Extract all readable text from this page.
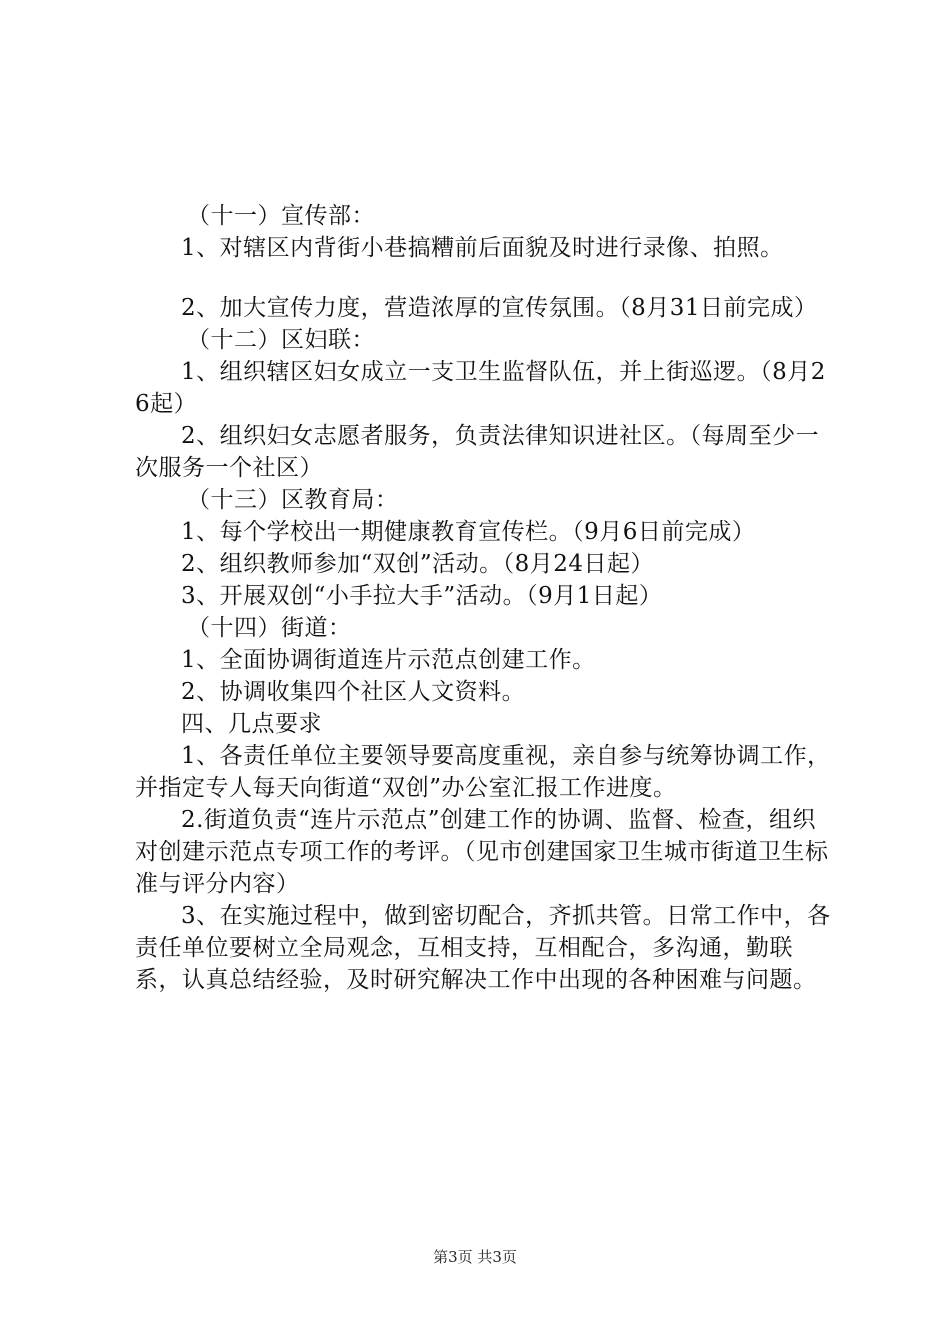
（十一）宣传部：

1、对辖区内背街小巷搞糟前后面貌及时进行录像、拍照。

2、加大宣传力度，营造浓厚的宣传氛围。（8月31日前完成）

（十二）区妇联：

1、组织辖区妇女成立一支卫生监督队伍，并上街巡逻。（8月26起）

2、组织妇女志愿者服务，负责法律知识进社区。（每周至少一次服务一个社区）

（十三）区教育局：

1、每个学校出一期健康教育宣传栏。（9月6日前完成）

2、组织教师参加“双创”活动。（8月24日起）

3、开展双创“小手拉大手”活动。（9月1日起）

（十四）街道：

1、全面协调街道连片示范点创建工作。

2、协调收集四个社区人文资料。

四、几点要求

1、各责任单位主要领导要高度重视，亲自参与统筹协调工作，并指定专人每天向街道“双创”办公室汇报工作进度。

2.街道负责“连片示范点”创建工作的协调、监督、检查，组织对创建示范点专项工作的考评。（见市创建国家卫生城市街道卫生标准与评分内容）

3、在实施过程中，做到密切配合，齐抓共管。日常工作中，各责任单位要树立全局观念，互相支持，互相配合，多沟通，勤联系，认真总结经验，及时研究解决工作中出现的各种困难与问题。

第3页 共3页
